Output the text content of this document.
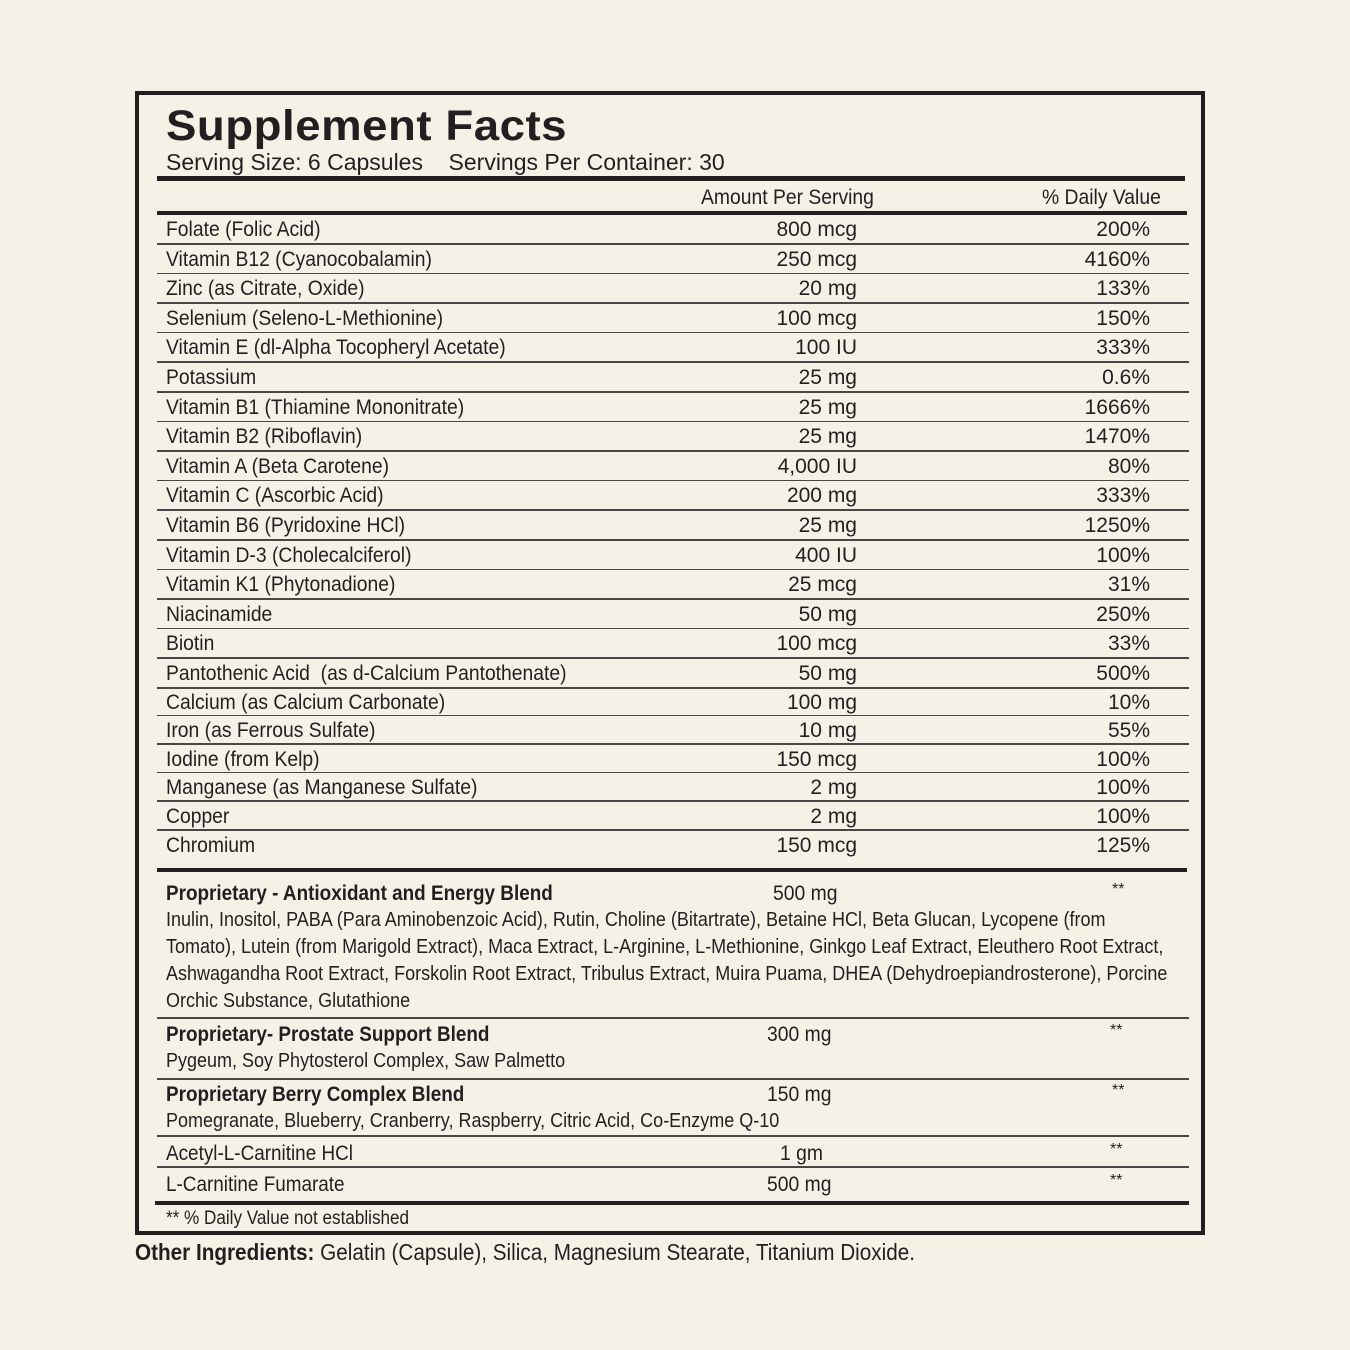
Supplement Facts
Serving Size: 6 Capsules Servings Per Container: 30
Amount Per Serving	% Daily Value
Folate (Folic Acid)	800 mcg	200%
Vitamin B12 (Cyanocobalamin)	250 mcg	4160%
Zinc (as Citrate, Oxide)	20 mg	133%
Selenium (Seleno-L-Methionine)	100 mcg	150%
Vitamin E (dl-Alpha Tocopheryl Acetate)	100 IU	333%
Potassium	25 mg	0.6%
Vitamin B1 (Thiamine Mononitrate)	25 mg	1666%
Vitamin B2 (Riboflavin)	25 mg	1470%
Vitamin A (Beta Carotene)	4,000 IU	80%
Vitamin C (Ascorbic Acid)	200 mg	333%
Vitamin B6 (Pyridoxine HCl)	25 mg	1250%
Vitamin D-3 (Cholecalciferol)	400 IU	100%
Vitamin K1 (Phytonadione)	25 mcg	31%
Niacinamide	50 mg	250%
Biotin	100 mcg	33%
Pantothenic Acid  (as d-Calcium Pantothenate)	50 mg	500%
Calcium (as Calcium Carbonate)	100 mg	10%
Iron (as Ferrous Sulfate)	10 mg	55%
Iodine (from Kelp)	150 mcg	100%
Manganese (as Manganese Sulfate)	2 mg	100%
Copper	2 mg	100%
Chromium	150 mcg	125%
Proprietary - Antioxidant and Energy Blend	500 mg	**
Inulin, Inositol, PABA (Para Aminobenzoic Acid), Rutin, Choline (Bitartrate), Betaine HCl, Beta Glucan, Lycopene (from Tomato), Lutein (from Marigold Extract), Maca Extract, L-Arginine, L-Methionine, Ginkgo Leaf Extract, Eleuthero Root Extract, Ashwagandha Root Extract, Forskolin Root Extract, Tribulus Extract, Muira Puama, DHEA (Dehydroepiandrosterone), Porcine Orchic Substance, Glutathione
Proprietary- Prostate Support Blend	300 mg	**
Pygeum, Soy Phytosterol Complex, Saw Palmetto
Proprietary Berry Complex Blend	150 mg	**
Pomegranate, Blueberry, Cranberry, Raspberry, Citric Acid, Co-Enzyme Q-10
Acetyl-L-Carnitine HCl	1 gm	**
L-Carnitine Fumarate	500 mg	**
** % Daily Value not established
Other Ingredients: Gelatin (Capsule), Silica, Magnesium Stearate, Titanium Dioxide.
